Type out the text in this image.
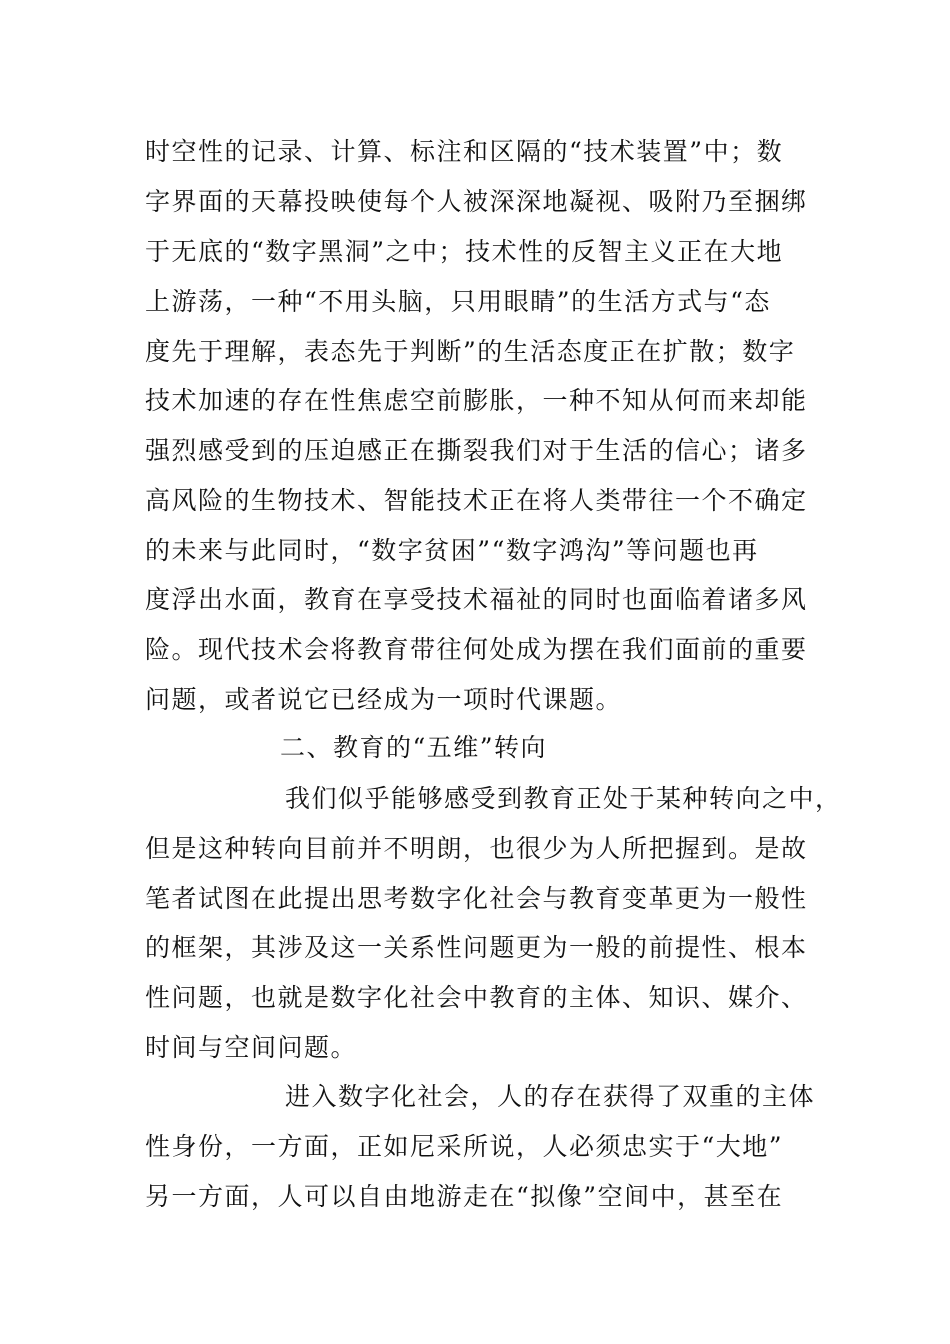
时空性的记录、计算、标注和区隔的“技术装置”中；数
字界面的天幕投映使每个人被深深地凝视、吸附乃至捆绑
于无底的“数字黑洞”之中；技术性的反智主义正在大地
上游荡，一种“不用头脑，只用眼睛”的生活方式与“态
度先于理解，表态先于判断”的生活态度正在扩散；数字
技术加速的存在性焦虑空前膨胀，一种不知从何而来却能
强烈感受到的压迫感正在撕裂我们对于生活的信心；诸多
高风险的生物技术、智能技术正在将人类带往一个不确定
的未来与此同时，“数字贫困”“数字鸿沟”等问题也再
度浮出水面，教育在享受技术福祉的同时也面临着诸多风
险。现代技术会将教育带往何处成为摆在我们面前的重要
问题，或者说它已经成为一项时代课题。
二、教育的“五维”转向
我们似乎能够感受到教育正处于某种转向之中，
但是这种转向目前并不明朗，也很少为人所把握到。是故
笔者试图在此提出思考数字化社会与教育变革更为一般性
的框架，其涉及这一关系性问题更为一般的前提性、根本
性问题，也就是数字化社会中教育的主体、知识、媒介、
时间与空间问题。
进入数字化社会，人的存在获得了双重的主体
性身份，一方面，正如尼采所说，人必须忠实于“大地”
另一方面，人可以自由地游走在“拟像”空间中，甚至在
